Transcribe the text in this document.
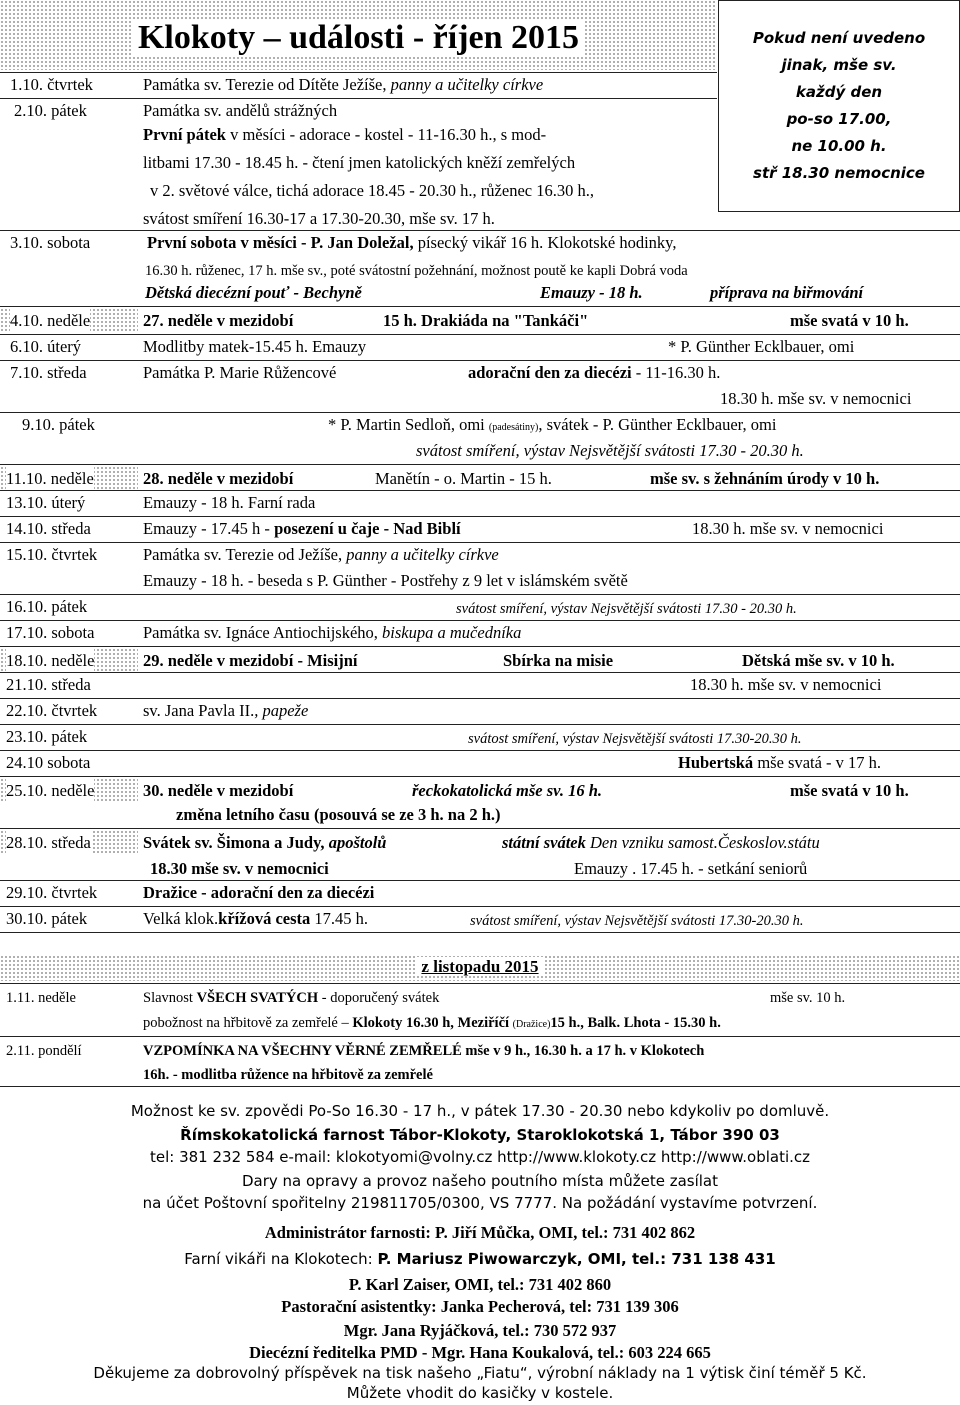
Klokoty – události - říjen 2015	Pokud není uvedeno
jinak, mše sv.
každý den
po-so 17.00,
ne 10.00 h.
stř 18.30 nemocnice
1.10. čtvrtek	Památka sv. Terezie od Dítěte Ježíše, panny a učitelky církve
2.10. pátek	Památka sv. andělů strážných
První pátek v měsíci - adorace - kostel - 11-16.30 h., s mod-
litbami 17.30 - 18.45 h. - čtení jmen katolických kněží zemřelých
v 2. světové válce, tichá adorace 18.45 - 20.30 h., růženec 16.30 h.,
svátost smíření 16.30-17 a 17.30-20.30, mše sv. 17 h.
3.10. sobota	První sobota v měsíci - P. Jan Doležal, písecký vikář 16 h. Klokotské hodinky,
16.30 h. růženec, 17 h. mše sv., poté svátostní požehnání, možnost poutě ke kapli Dobrá voda
Dětská diecézní pouť - Bechyně	Emauzy - 18 h.	příprava na biřmování
4.10. neděle	27. neděle v mezidobí	15 h. Drakiáda na "Tankáči"	mše svatá v 10 h.
6.10. úterý	Modlitby matek-15.45 h. Emauzy	* P. Günther Ecklbauer, omi
7.10. středa	Památka P. Marie Růžencové	adorační den za diecézi - 11-16.30 h.
18.30 h. mše sv. v nemocnici
9.10. pátek	* P. Martin Sedloň, omi (padesátiny), svátek - P. Günther Ecklbauer, omi
svátost smíření, výstav Nejsvětější svátosti 17.30 - 20.30 h.
11.10. neděle	28. neděle v mezidobí	Manětín - o. Martin - 15 h.	mše sv. s žehnáním úrody v 10 h.
13.10. úterý	Emauzy - 18 h. Farní rada
14.10. středa	Emauzy - 17.45 h - posezení u čaje - Nad Biblí	18.30 h. mše sv. v nemocnici
15.10. čtvrtek	Památka sv. Terezie od Ježíše, panny a učitelky církve
Emauzy - 18 h. - beseda s P. Günther - Postřehy z 9 let v islámském světě
16.10. pátek	svátost smíření, výstav Nejsvětější svátosti 17.30 - 20.30 h.
17.10. sobota	Památka sv. Ignáce Antiochijského, biskupa a mučedníka
18.10. neděle	29. neděle v mezidobí - Misijní	Sbírka na misie	Dětská mše sv. v 10 h.
21.10. středa	18.30 h. mše sv. v nemocnici
22.10. čtvrtek	sv. Jana Pavla II., papeže
23.10. pátek	svátost smíření, výstav Nejsvětější svátosti 17.30-20.30 h.
24.10 sobota	Hubertská mše svatá - v 17 h.
25.10. neděle	30. neděle v mezidobí	řeckokatolická mše sv. 16 h.	mše svatá v 10 h.
změna letního času (posouvá se ze 3 h. na 2 h.)
28.10. středa	Svátek sv. Šimona a Judy, apoštolů	státní svátek Den vzniku samost.Českoslov.státu
18.30 mše sv. v nemocnici	Emauzy . 17.45 h. - setkání seniorů
29.10. čtvrtek	Dražice - adorační den za diecézi
30.10. pátek	Velká klok.křížová cesta 17.45 h.	svátost smíření, výstav Nejsvětější svátosti 17.30-20.30 h.
z listopadu 2015
1.11. neděle	Slavnost VŠECH SVATÝCH - doporučený svátek	mše sv. 10 h.
pobožnost na hřbitově za zemřelé – Klokoty 16.30 h, Meziříčí (Dražice)15 h., Balk. Lhota - 15.30 h.
2.11. pondělí	VZPOMÍNKA NA VŠECHNY VĚRNÉ ZEMŘELÉ mše v 9 h., 16.30 h. a 17 h. v Klokotech
16h. - modlitba růžence na hřbitově za zemřelé
Možnost ke sv. zpovědi Po-So 16.30 - 17 h., v pátek 17.30 - 20.30 nebo kdykoliv po domluvě.
Římskokatolická farnost Tábor-Klokoty, Staroklokotská 1, Tábor 390 03
tel: 381 232 584 e-mail: klokotyomi@volny.cz http://www.klokoty.cz http://www.oblati.cz
Dary na opravy a provoz našeho poutního místa můžete zasílat
na účet Poštovní spořitelny 219811705/0300, VS 7777. Na požádání vystavíme potvrzení.
Administrátor farnosti: P. Jiří Můčka, OMI, tel.: 731 402 862
Farní vikáři na Klokotech: P. Mariusz Piwowarczyk, OMI, tel.: 731 138 431
P. Karl Zaiser, OMI, tel.: 731 402 860
Pastorační asistentky: Janka Pecherová, tel: 731 139 306
Mgr. Jana Ryjáčková, tel.: 730 572 937
Diecézní ředitelka PMD - Mgr. Hana Koukalová, tel.: 603 224 665
Děkujeme za dobrovolný příspěvek na tisk našeho „Fiatu“, výrobní náklady na 1 výtisk činí téměř 5 Kč.
Můžete vhodit do kasičky v kostele.
